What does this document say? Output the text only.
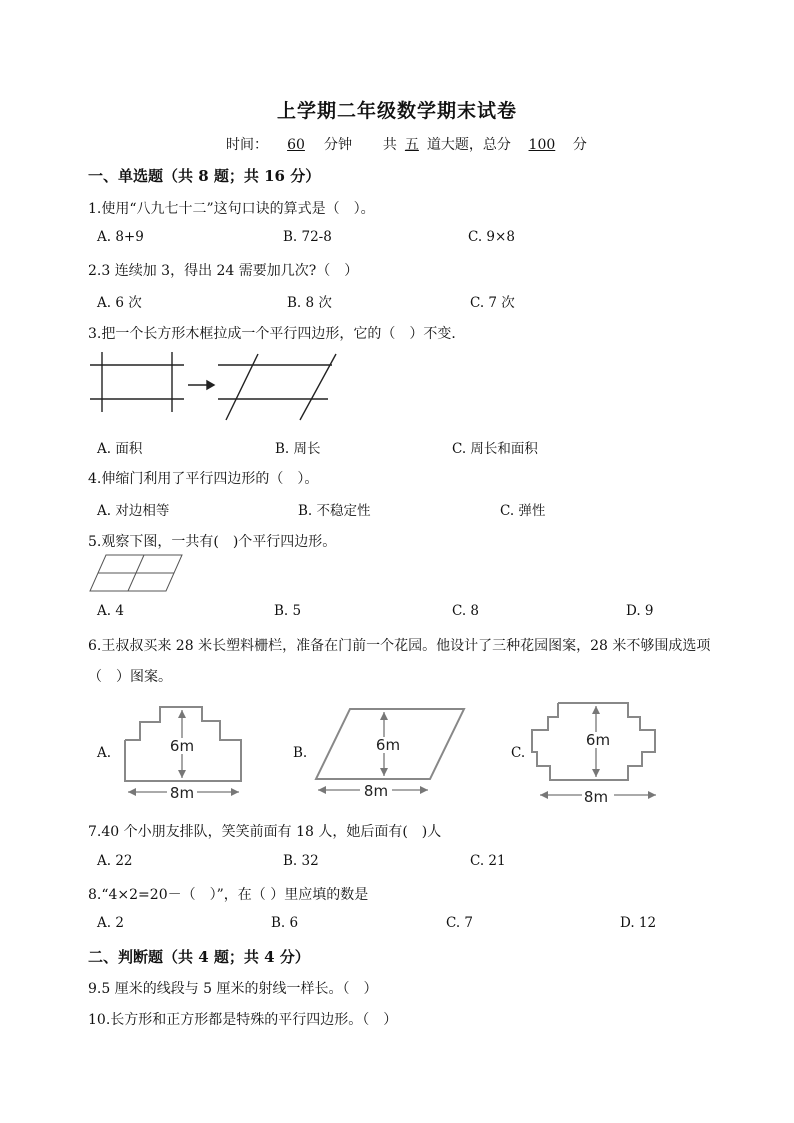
上学期二年级数学期末试卷
时间： 60 分钟 共 五 道大题，总分 100 分
一、单选题（共 8 题；共 16 分）
1.使用“八九七十二”这句口诀的算式是（　）。
A. 8+9	B. 72-8	C. 9×8
2.3 连续加 3，得出 24 需要加几次?（　）
A. 6 次	B. 8 次	C. 7 次
3.把一个长方形木框拉成一个平行四边形，它的（　）不变．
A. 面积	B. 周长	C. 周长和面积
4.伸缩门利用了平行四边形的（　）。
A. 对边相等	B. 不稳定性	C. 弹性
5.观察下图，一共有(　)个平行四边形。
A. 4	B. 5	C. 8	D. 9
6.王叔叔买来 28 米长塑料栅栏，准备在门前一个花园。他设计了三种花园图案，28 米不够围成选项
（　）图案。
A.	6m
8m
B.	6m
8m
C.
6m
8m
7.40 个小朋友排队，笑笑前面有 18 人，她后面有(　)人
A. 22	B. 32	C. 21
8.“4×2=20－（　）”，在（ ）里应填的数是
A. 2	B. 6	C. 7	D. 12
二、判断题（共 4 题；共 4 分）
9.5 厘米的线段与 5 厘米的射线一样长。（　）
10.长方形和正方形都是特殊的平行四边形。（　）
